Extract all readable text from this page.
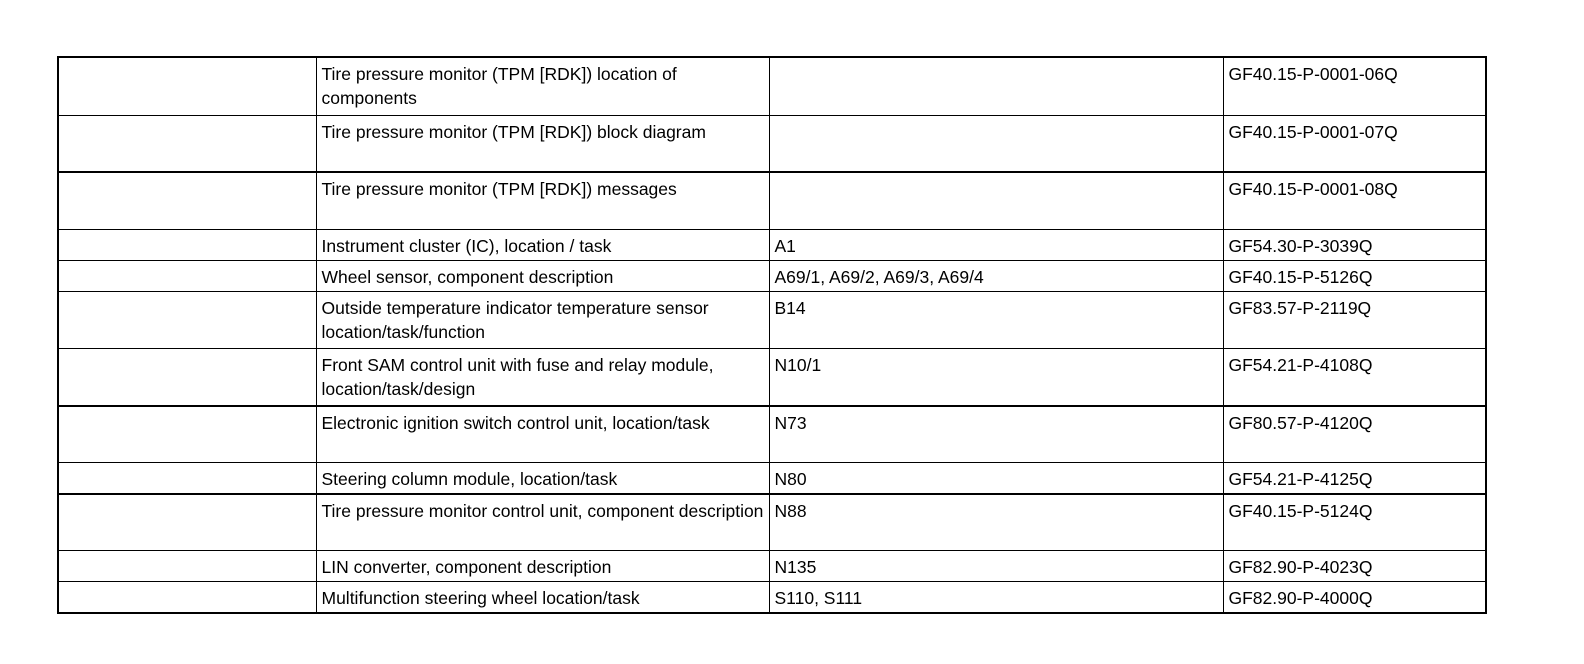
	Tire pressure monitor (TPM [RDK]) location of components		GF40.15-P-0001-06Q
	Tire pressure monitor (TPM [RDK]) block diagram		GF40.15-P-0001-07Q
	Tire pressure monitor (TPM [RDK]) messages		GF40.15-P-0001-08Q
	Instrument cluster (IC), location / task	A1	GF54.30-P-3039Q
	Wheel sensor, component description	A69/1, A69/2, A69/3, A69/4	GF40.15-P-5126Q
	Outside temperature indicator temperature sensor location/task/function	B14	GF83.57-P-2119Q
	Front SAM control unit with fuse and relay module, location/task/design	N10/1	GF54.21-P-4108Q
	Electronic ignition switch control unit, location/task	N73	GF80.57-P-4120Q
	Steering column module, location/task	N80	GF54.21-P-4125Q
	Tire pressure monitor control unit, component description	N88	GF40.15-P-5124Q
	LIN converter, component description	N135	GF82.90-P-4023Q
	Multifunction steering wheel location/task	S110, S111	GF82.90-P-4000Q
